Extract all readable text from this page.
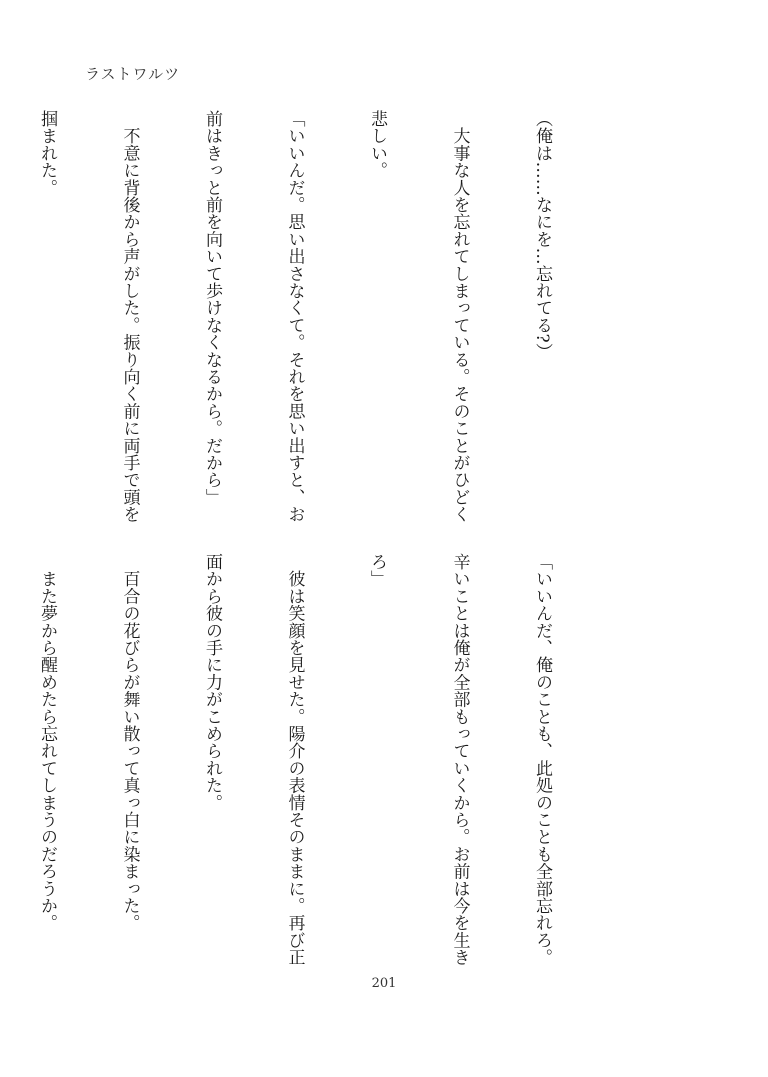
ラストワルツ

（俺は……なにを…忘れてる?）

　大事な人を忘れてしまっている。そのことがひどく

悲しい。

「いいんだ。思い出さなくて。それを思い出すと、お

前はきっと前を向いて歩けなくなるから。だから」

　不意に背後から声がした。振り向く前に両手で頭を

掴まれた。

「いいんだ、俺のことも、此処のことも全部忘れろ。

辛いことは俺が全部もっていくから。お前は今を生き

ろ」

　彼は笑顔を見せた。陽介の表情そのままに。再び正

面から彼の手に力がこめられた。

　百合の花びらが舞い散って真っ白に染まった。

　また夢から醒めたら忘れてしまうのだろうか。

201
